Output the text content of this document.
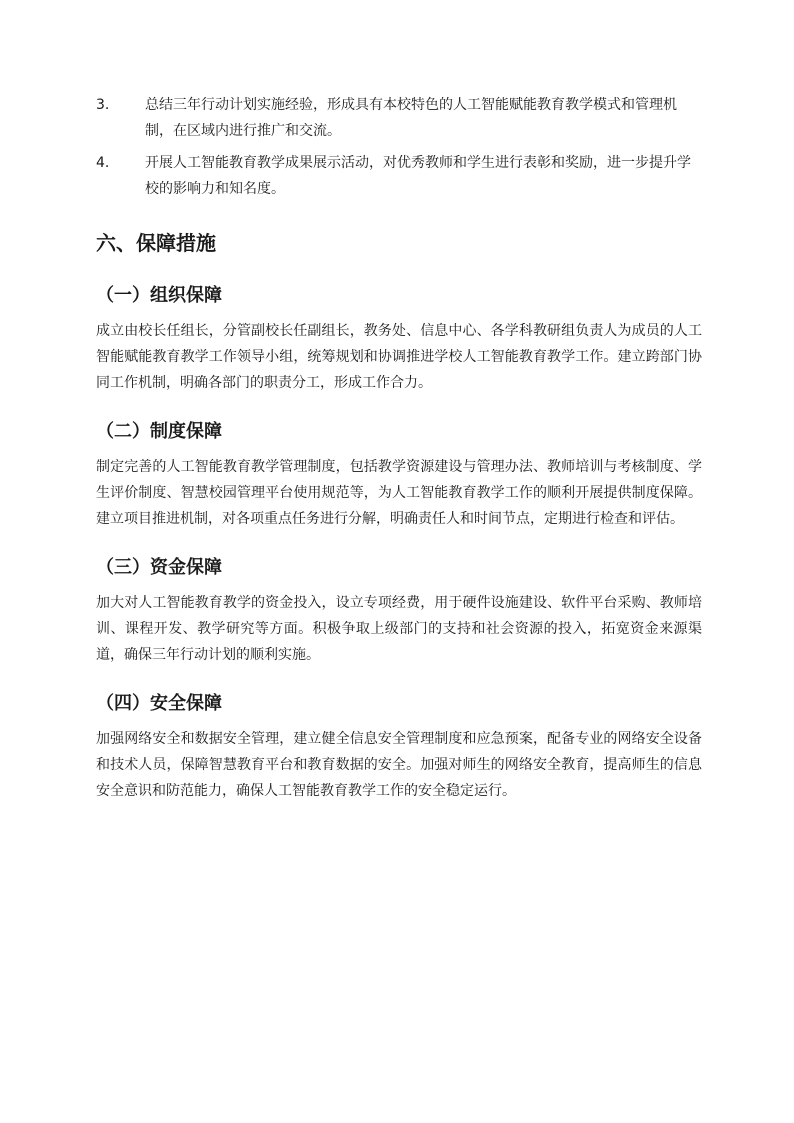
3.	总结三年行动计划实施经验，形成具有本校特色的人工智能赋能教育教学模式和管理机制，在区域内进行推广和交流。
4.	开展人工智能教育教学成果展示活动，对优秀教师和学生进行表彰和奖励，进一步提升学校的影响力和知名度。
六、保障措施
（一）组织保障

成立由校长任组长，分管副校长任副组长，教务处、信息中心、各学科教研组负责人为成员的人工智能赋能教育教学工作领导小组，统筹规划和协调推进学校人工智能教育教学工作。建立跨部门协同工作机制，明确各部门的职责分工，形成工作合力。

（二）制度保障

制定完善的人工智能教育教学管理制度，包括教学资源建设与管理办法、教师培训与考核制度、学生评价制度、智慧校园管理平台使用规范等，为人工智能教育教学工作的顺利开展提供制度保障。建立项目推进机制，对各项重点任务进行分解，明确责任人和时间节点，定期进行检查和评估。

（三）资金保障

加大对人工智能教育教学的资金投入，设立专项经费，用于硬件设施建设、软件平台采购、教师培训、课程开发、教学研究等方面。积极争取上级部门的支持和社会资源的投入，拓宽资金来源渠道，确保三年行动计划的顺利实施。

（四）安全保障

加强网络安全和数据安全管理，建立健全信息安全管理制度和应急预案，配备专业的网络安全设备和技术人员，保障智慧教育平台和教育数据的安全。加强对师生的网络安全教育，提高师生的信息安全意识和防范能力，确保人工智能教育教学工作的安全稳定运行。
